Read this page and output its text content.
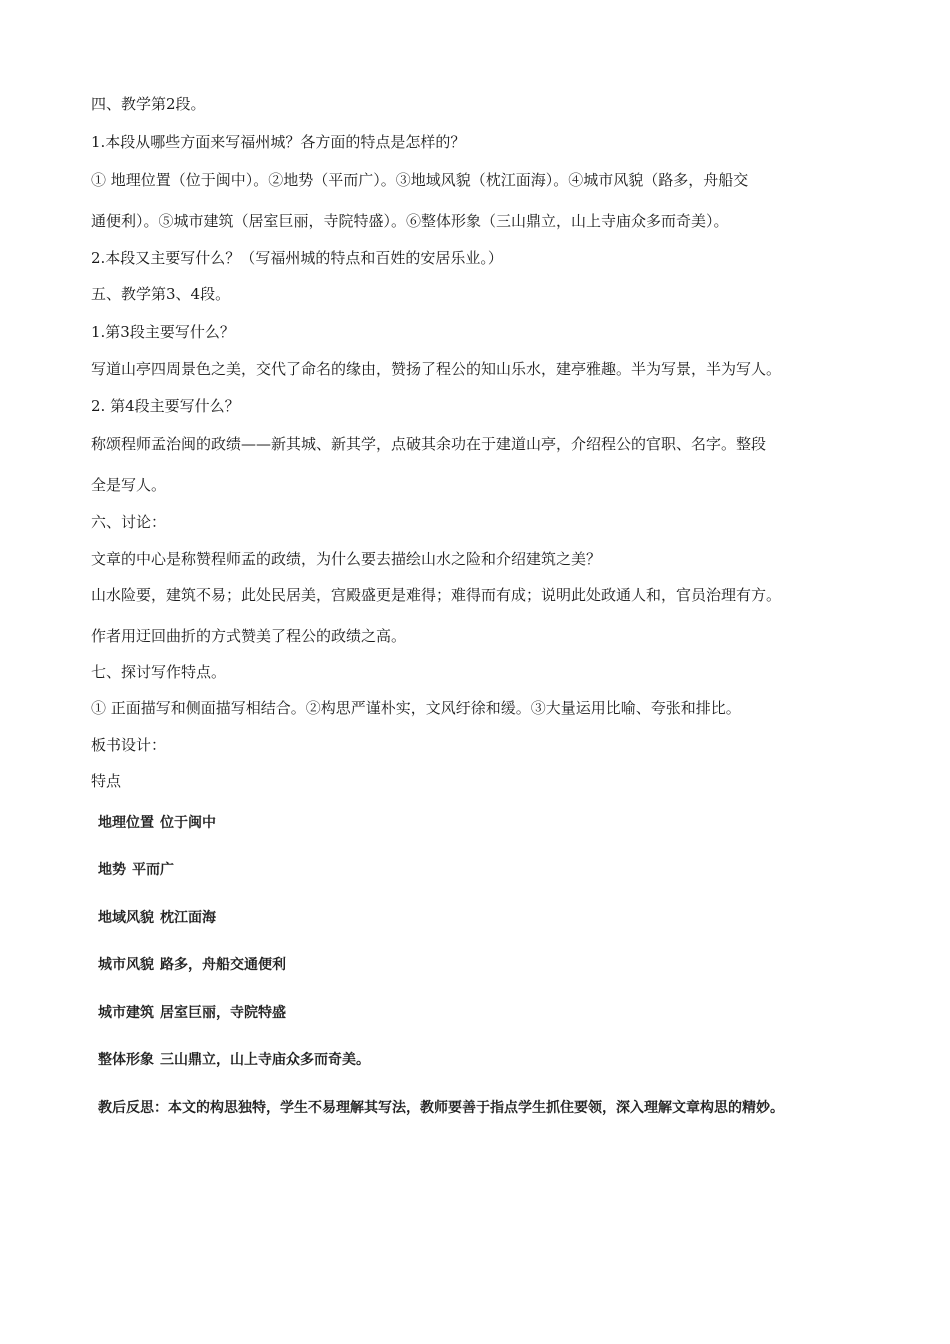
四、教学第2段。
1.本段从哪些方面来写福州城？各方面的特点是怎样的？
① 地理位置（位于闽中）。②地势（平而广）。③地域风貌（枕江面海）。④城市风貌（路多，舟船交
通便利）。⑤城市建筑（居室巨丽，寺院特盛）。⑥整体形象（三山鼎立，山上寺庙众多而奇美）。
2.本段又主要写什么？（写福州城的特点和百姓的安居乐业。）
五、教学第3、4段。
1.第3段主要写什么？
写道山亭四周景色之美，交代了命名的缘由，赞扬了程公的知山乐水，建亭雅趣。半为写景，半为写人。
2. 第4段主要写什么？
称颂程师孟治闽的政绩——新其城、新其学，点破其余功在于建道山亭，介绍程公的官职、名字。整段
全是写人。
六、讨论：
文章的中心是称赞程师孟的政绩，为什么要去描绘山水之险和介绍建筑之美？
山水险要，建筑不易；此处民居美，宫殿盛更是难得；难得而有成；说明此处政通人和，官员治理有方。
作者用迂回曲折的方式赞美了程公的政绩之高。
七、探讨写作特点。
① 正面描写和侧面描写相结合。②构思严谨朴实，文风纡徐和缓。③大量运用比喻、夸张和排比。
板书设计：
特点
地理位置 位于闽中
地势 平而广
地域风貌 枕江面海
城市风貌 路多，舟船交通便利
城市建筑 居室巨丽，寺院特盛
整体形象 三山鼎立，山上寺庙众多而奇美。
教后反思：本文的构思独特，学生不易理解其写法，教师要善于指点学生抓住要领，深入理解文章构思的精妙。
